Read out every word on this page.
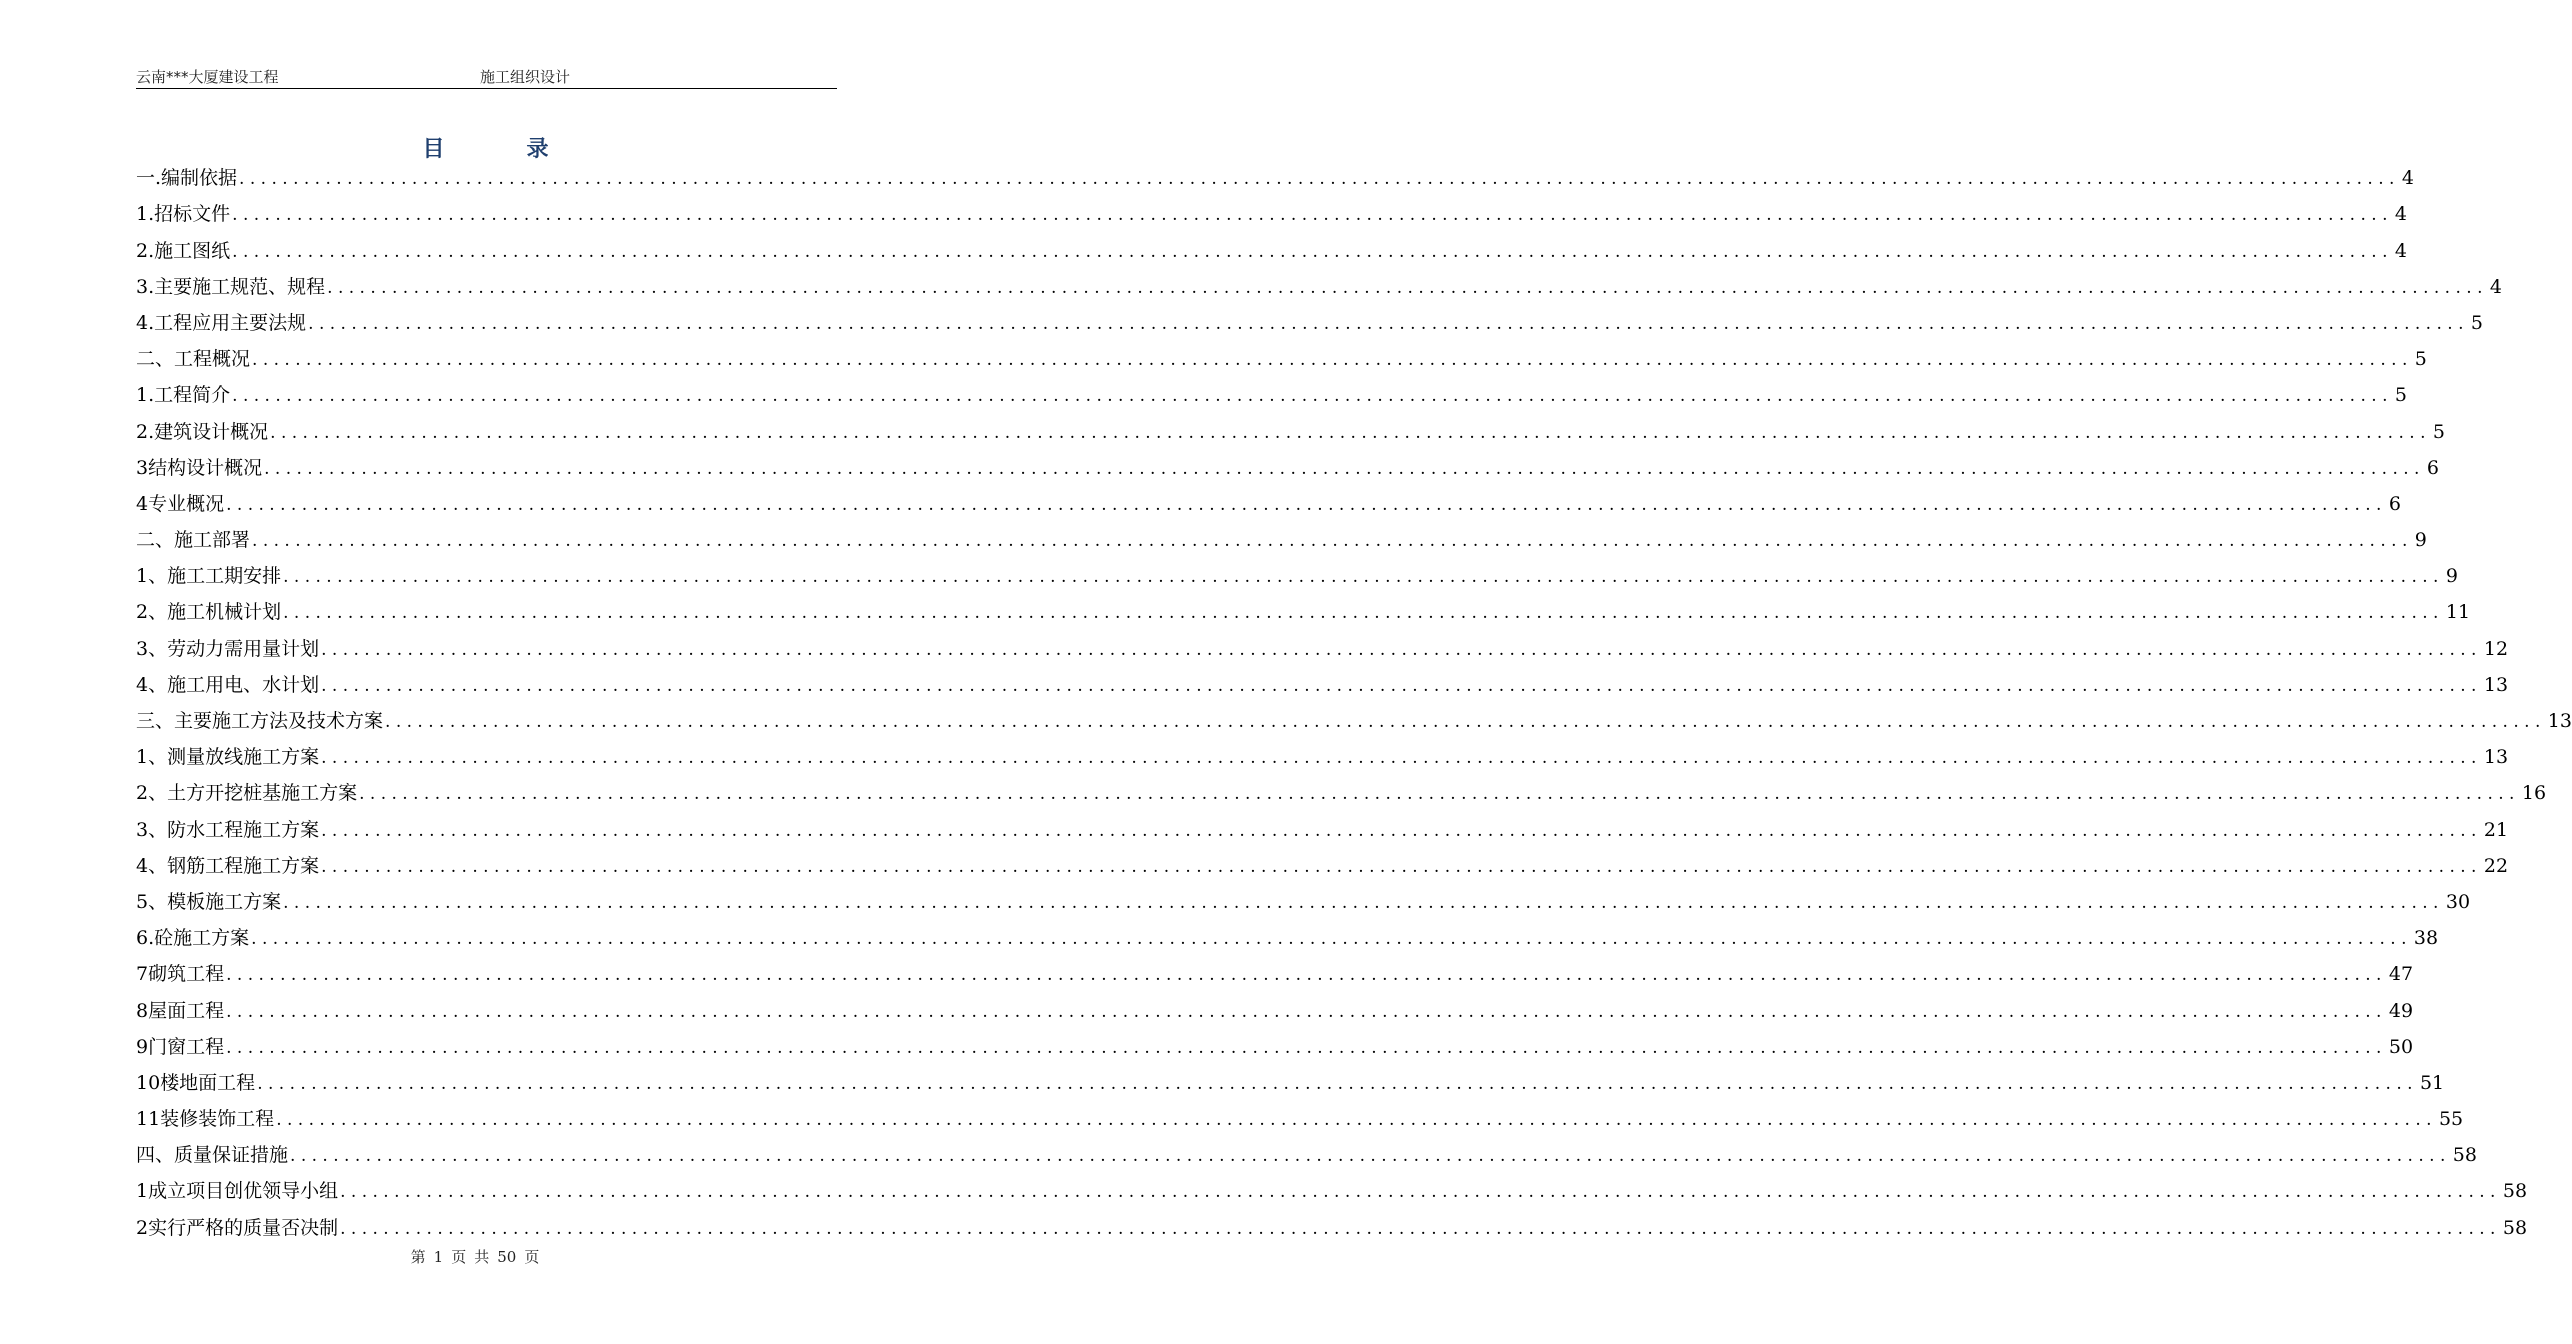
云南***大厦建设工程	施工组织设计
目	录
一.编制依据 ........................................................................................................................................................................................................ 4
1.招标文件 ........................................................................................................................................................................................................ 4
2.施工图纸 ........................................................................................................................................................................................................ 4
3.主要施工规范、规程 ........................................................................................................................................................................................................ 4
4.工程应用主要法规 ........................................................................................................................................................................................................ 5
二、工程概况 ........................................................................................................................................................................................................ 5
1.工程简介 ........................................................................................................................................................................................................ 5
2.建筑设计概况 ........................................................................................................................................................................................................ 5
3结构设计概况 ........................................................................................................................................................................................................ 6
4专业概况 ........................................................................................................................................................................................................ 6
二、施工部署 ........................................................................................................................................................................................................ 9
1、施工工期安排 ........................................................................................................................................................................................................ 9
2、施工机械计划 ........................................................................................................................................................................................................ 11
3、劳动力需用量计划 ........................................................................................................................................................................................................ 12
4、施工用电、水计划 ........................................................................................................................................................................................................ 13
三、主要施工方法及技术方案 ........................................................................................................................................................................................................ 13
1、测量放线施工方案 ........................................................................................................................................................................................................ 13
2、土方开挖桩基施工方案 ........................................................................................................................................................................................................ 16
3、防水工程施工方案 ........................................................................................................................................................................................................ 21
4、钢筋工程施工方案 ........................................................................................................................................................................................................ 22
5、模板施工方案 ........................................................................................................................................................................................................ 30
6.砼施工方案 ........................................................................................................................................................................................................ 38
7砌筑工程 ........................................................................................................................................................................................................ 47
8屋面工程 ........................................................................................................................................................................................................ 49
9门窗工程 ........................................................................................................................................................................................................ 50
10楼地面工程 ........................................................................................................................................................................................................ 51
11装修装饰工程 ........................................................................................................................................................................................................ 55
四、质量保证措施 ........................................................................................................................................................................................................ 58
1成立项目创优领导小组 ........................................................................................................................................................................................................ 58
2实行严格的质量否决制 ........................................................................................................................................................................................................ 58
第 1 页 共 50 页
